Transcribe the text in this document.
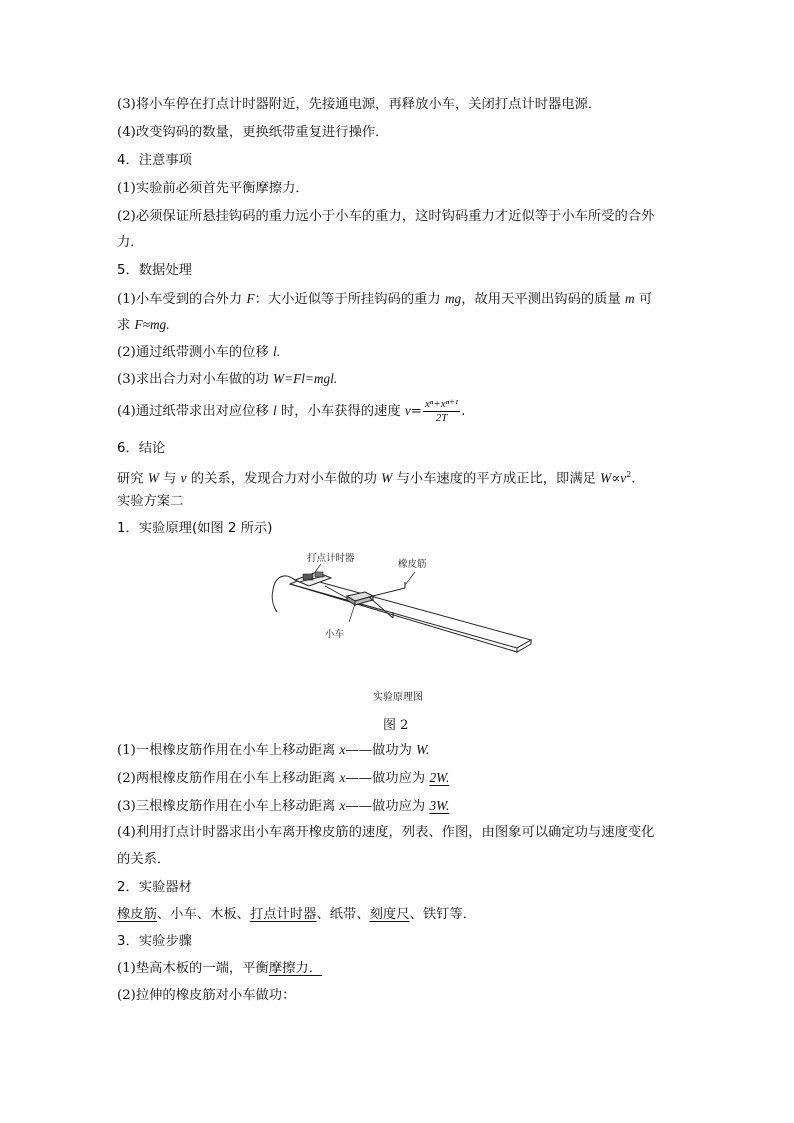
(3)将小车停在打点计时器附近，先接通电源，再释放小车，关闭打点计时器电源．
(4)改变钩码的数量，更换纸带重复进行操作．
4．注意事项
(1)实验前必须首先平衡摩擦力．
(2)必须保证所悬挂钩码的重力远小于小车的重力，这时钩码重力才近似等于小车所受的合外
力．
5．数据处理
(1)小车受到的合外力 F：大小近似等于所挂钩码的重力 mg，故用天平测出钩码的质量 m 可
求 F≈mg.
(2)通过纸带测小车的位移 l.
(3)求出合力对小车做的功 W=Fl=mgl.
(4)通过纸带求出对应位移 l 时，小车获得的速度 $v= \frac{\text{xⁿ+xⁿ⁺¹}}{2T}$ .
6．结论
研究 W 与 v 的关系，发现合力对小车做的功 W 与小车速度的平方成正比，即满足 $W\propto v^2$.
实验方案二
1．实验原理(如图 2 所示)
打点计时器
橡皮筋
小车
实验原理图
图 2
(1)一根橡皮筋作用在小车上移动距离 x——做功为 W.
(2)两根橡皮筋作用在小车上移动距离 x——做功应为 2W.
(3)三根橡皮筋作用在小车上移动距离 x——做功应为 3W.
(4)利用打点计时器求出小车离开橡皮筋的速度，列表、作图，由图象可以确定功与速度变化
的关系．
2．实验器材
橡皮筋、小车、木板、打点计时器、纸带、刻度尺、铁钉等．
3．实验步骤
(1)垫高木板的一端，平衡摩擦力．
(2)拉伸的橡皮筋对小车做功：
